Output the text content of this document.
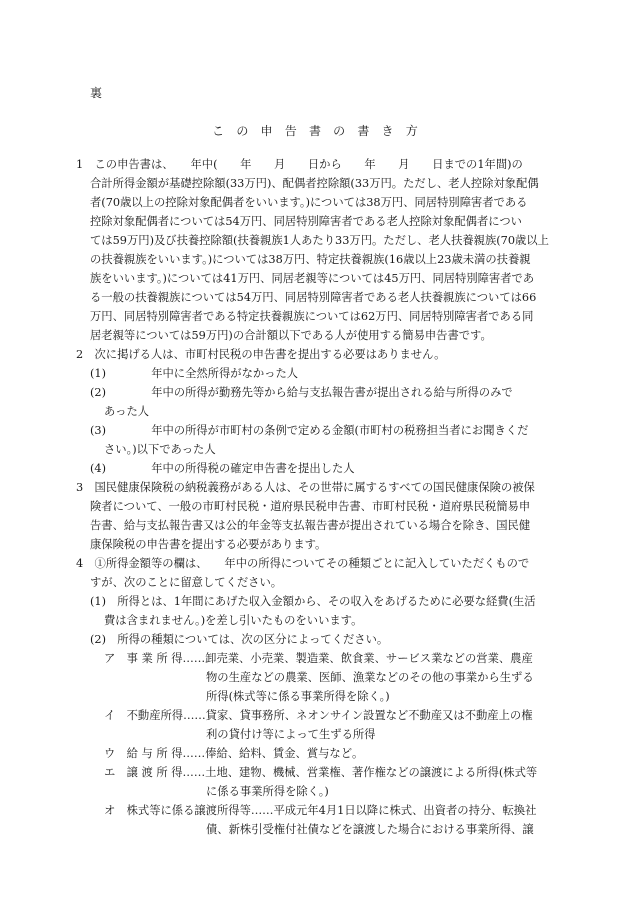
裏
こ　の　申　告　書　の　書　き　方
1　この申告書は、　　年中(　　年　　月　　日から　　年　　月　　日までの1年間)の
合計所得金額が基礎控除額(33万円)、配偶者控除額(33万円。ただし、老人控除対象配偶
者(70歳以上の控除対象配偶者をいいます。)については38万円、同居特別障害者である
控除対象配偶者については54万円、同居特別障害者である老人控除対象配偶者につい
ては59万円)及び扶養控除額(扶養親族1人あたり33万円。ただし、老人扶養親族(70歳以上
の扶養親族をいいます。)については38万円、特定扶養親族(16歳以上23歳未満の扶養親
族をいいます。)については41万円、同居老親等については45万円、同居特別障害者であ
る一般の扶養親族については54万円、同居特別障害者である老人扶養親族については66
万円、同居特別障害者である特定扶養親族については62万円、同居特別障害者である同
居老親等については59万円)の合計額以下である人が使用する簡易申告書です。
2　次に掲げる人は、市町村民税の申告書を提出する必要はありません。
(1)　　　　年中に全然所得がなかった人
(2)　　　　年中の所得が勤務先等から給与支払報告書が提出される給与所得のみで
あった人
(3)　　　　年中の所得が市町村の条例で定める金額(市町村の税務担当者にお聞きくだ
さい。)以下であった人
(4)　　　　年中の所得税の確定申告書を提出した人
3　国民健康保険税の納税義務がある人は、その世帯に属するすべての国民健康保険の被保
険者について、一般の市町村民税・道府県民税申告書、市町村民税・道府県民税簡易申
告書、給与支払報告書又は公的年金等支払報告書が提出されている場合を除き、国民健
康保険税の申告書を提出する必要があります。
4　①所得金額等の欄は、　　年中の所得についてその種類ごとに記入していただくもので
すが、次のことに留意してください。
(1)　所得とは、1年間にあげた収入金額から、その収入をあげるために必要な経費(生活
費は含まれません。)を差し引いたものをいいます。
(2)　所得の種類については、次の区分によってください。
ア　事 業 所 得……卸売業、小売業、製造業、飲食業、サービス業などの営業、農産
物の生産などの農業、医師、漁業などのその他の事業から生ずる
所得(株式等に係る事業所得を除く。)
イ　不動産所得……貸家、貸事務所、ネオンサイン設置など不動産又は不動産上の権
利の貸付け等によって生ずる所得
ウ　給 与 所 得……俸給、給料、賃金、賞与など。
エ　譲 渡 所 得……土地、建物、機械、営業権、著作権などの譲渡による所得(株式等
に係る事業所得を除く。)
オ　株式等に係る譲渡所得等……平成元年4月1日以降に株式、出資者の持分、転換社
債、新株引受権付社債などを譲渡した場合における事業所得、譲
